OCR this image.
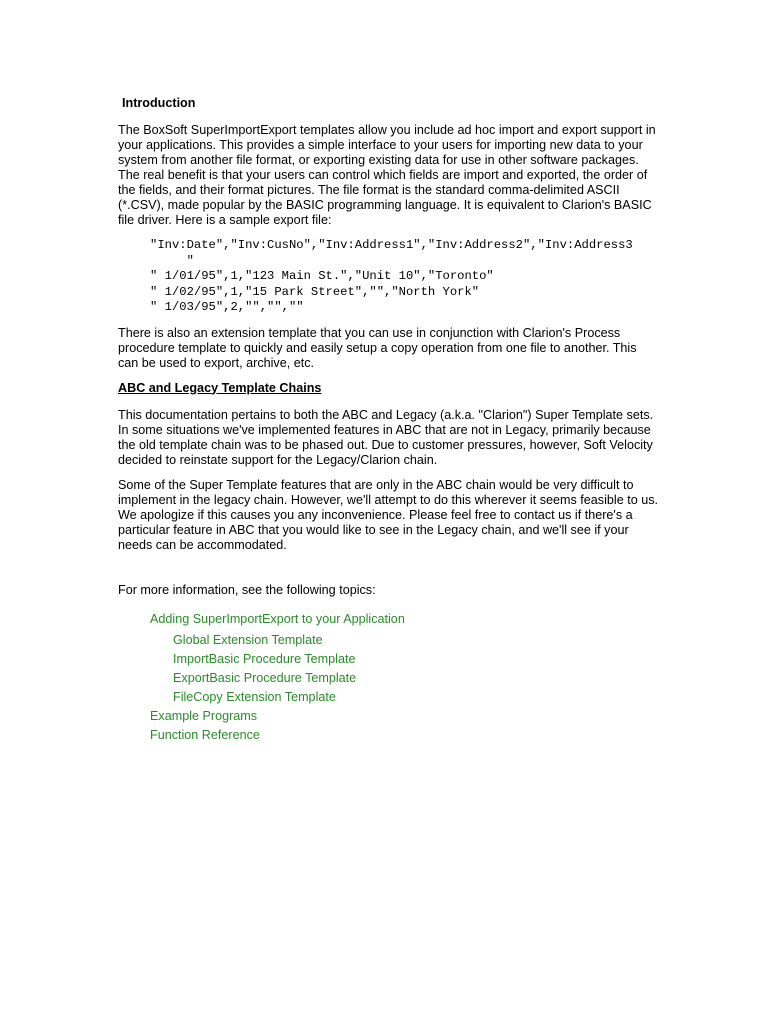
Introduction

The BoxSoft SuperImportExport templates allow you include ad hoc import and export support in
your applications. This provides a simple interface to your users for importing new data to your
system from another file format, or exporting existing data for use in other software packages.
The real benefit is that your users can control which fields are import and exported, the order of
the fields, and their format pictures. The file format is the standard comma-delimited ASCII
(*.CSV), made popular by the BASIC programming language. It is equivalent to Clarion's BASIC
file driver. Here is a sample export file:

"Inv:Date","Inv:CusNo","Inv:Address1","Inv:Address2","Inv:Address3
"
" 1/01/95",1,"123 Main St.","Unit 10","Toronto"
" 1/02/95",1,"15 Park Street","","North York"
" 1/03/95",2,"","",""

There is also an extension template that you can use in conjunction with Clarion's Process
procedure template to quickly and easily setup a copy operation from one file to another. This
can be used to export, archive, etc.

ABC and Legacy Template Chains

This documentation pertains to both the ABC and Legacy (a.k.a. "Clarion") Super Template sets.
In some situations we've implemented features in ABC that are not in Legacy, primarily because
the old template chain was to be phased out. Due to customer pressures, however, Soft Velocity
decided to reinstate support for the Legacy/Clarion chain.

Some of the Super Template features that are only in the ABC chain would be very difficult to
implement in the legacy chain. However, we'll attempt to do this wherever it seems feasible to us.
We apologize if this causes you any inconvenience. Please feel free to contact us if there's a
particular feature in ABC that you would like to see in the Legacy chain, and we'll see if your
needs can be accommodated.

For more information, see the following topics:

Adding SuperImportExport to your Application
Global Extension Template
ImportBasic Procedure Template
ExportBasic Procedure Template
FileCopy Extension Template
Example Programs
Function Reference
